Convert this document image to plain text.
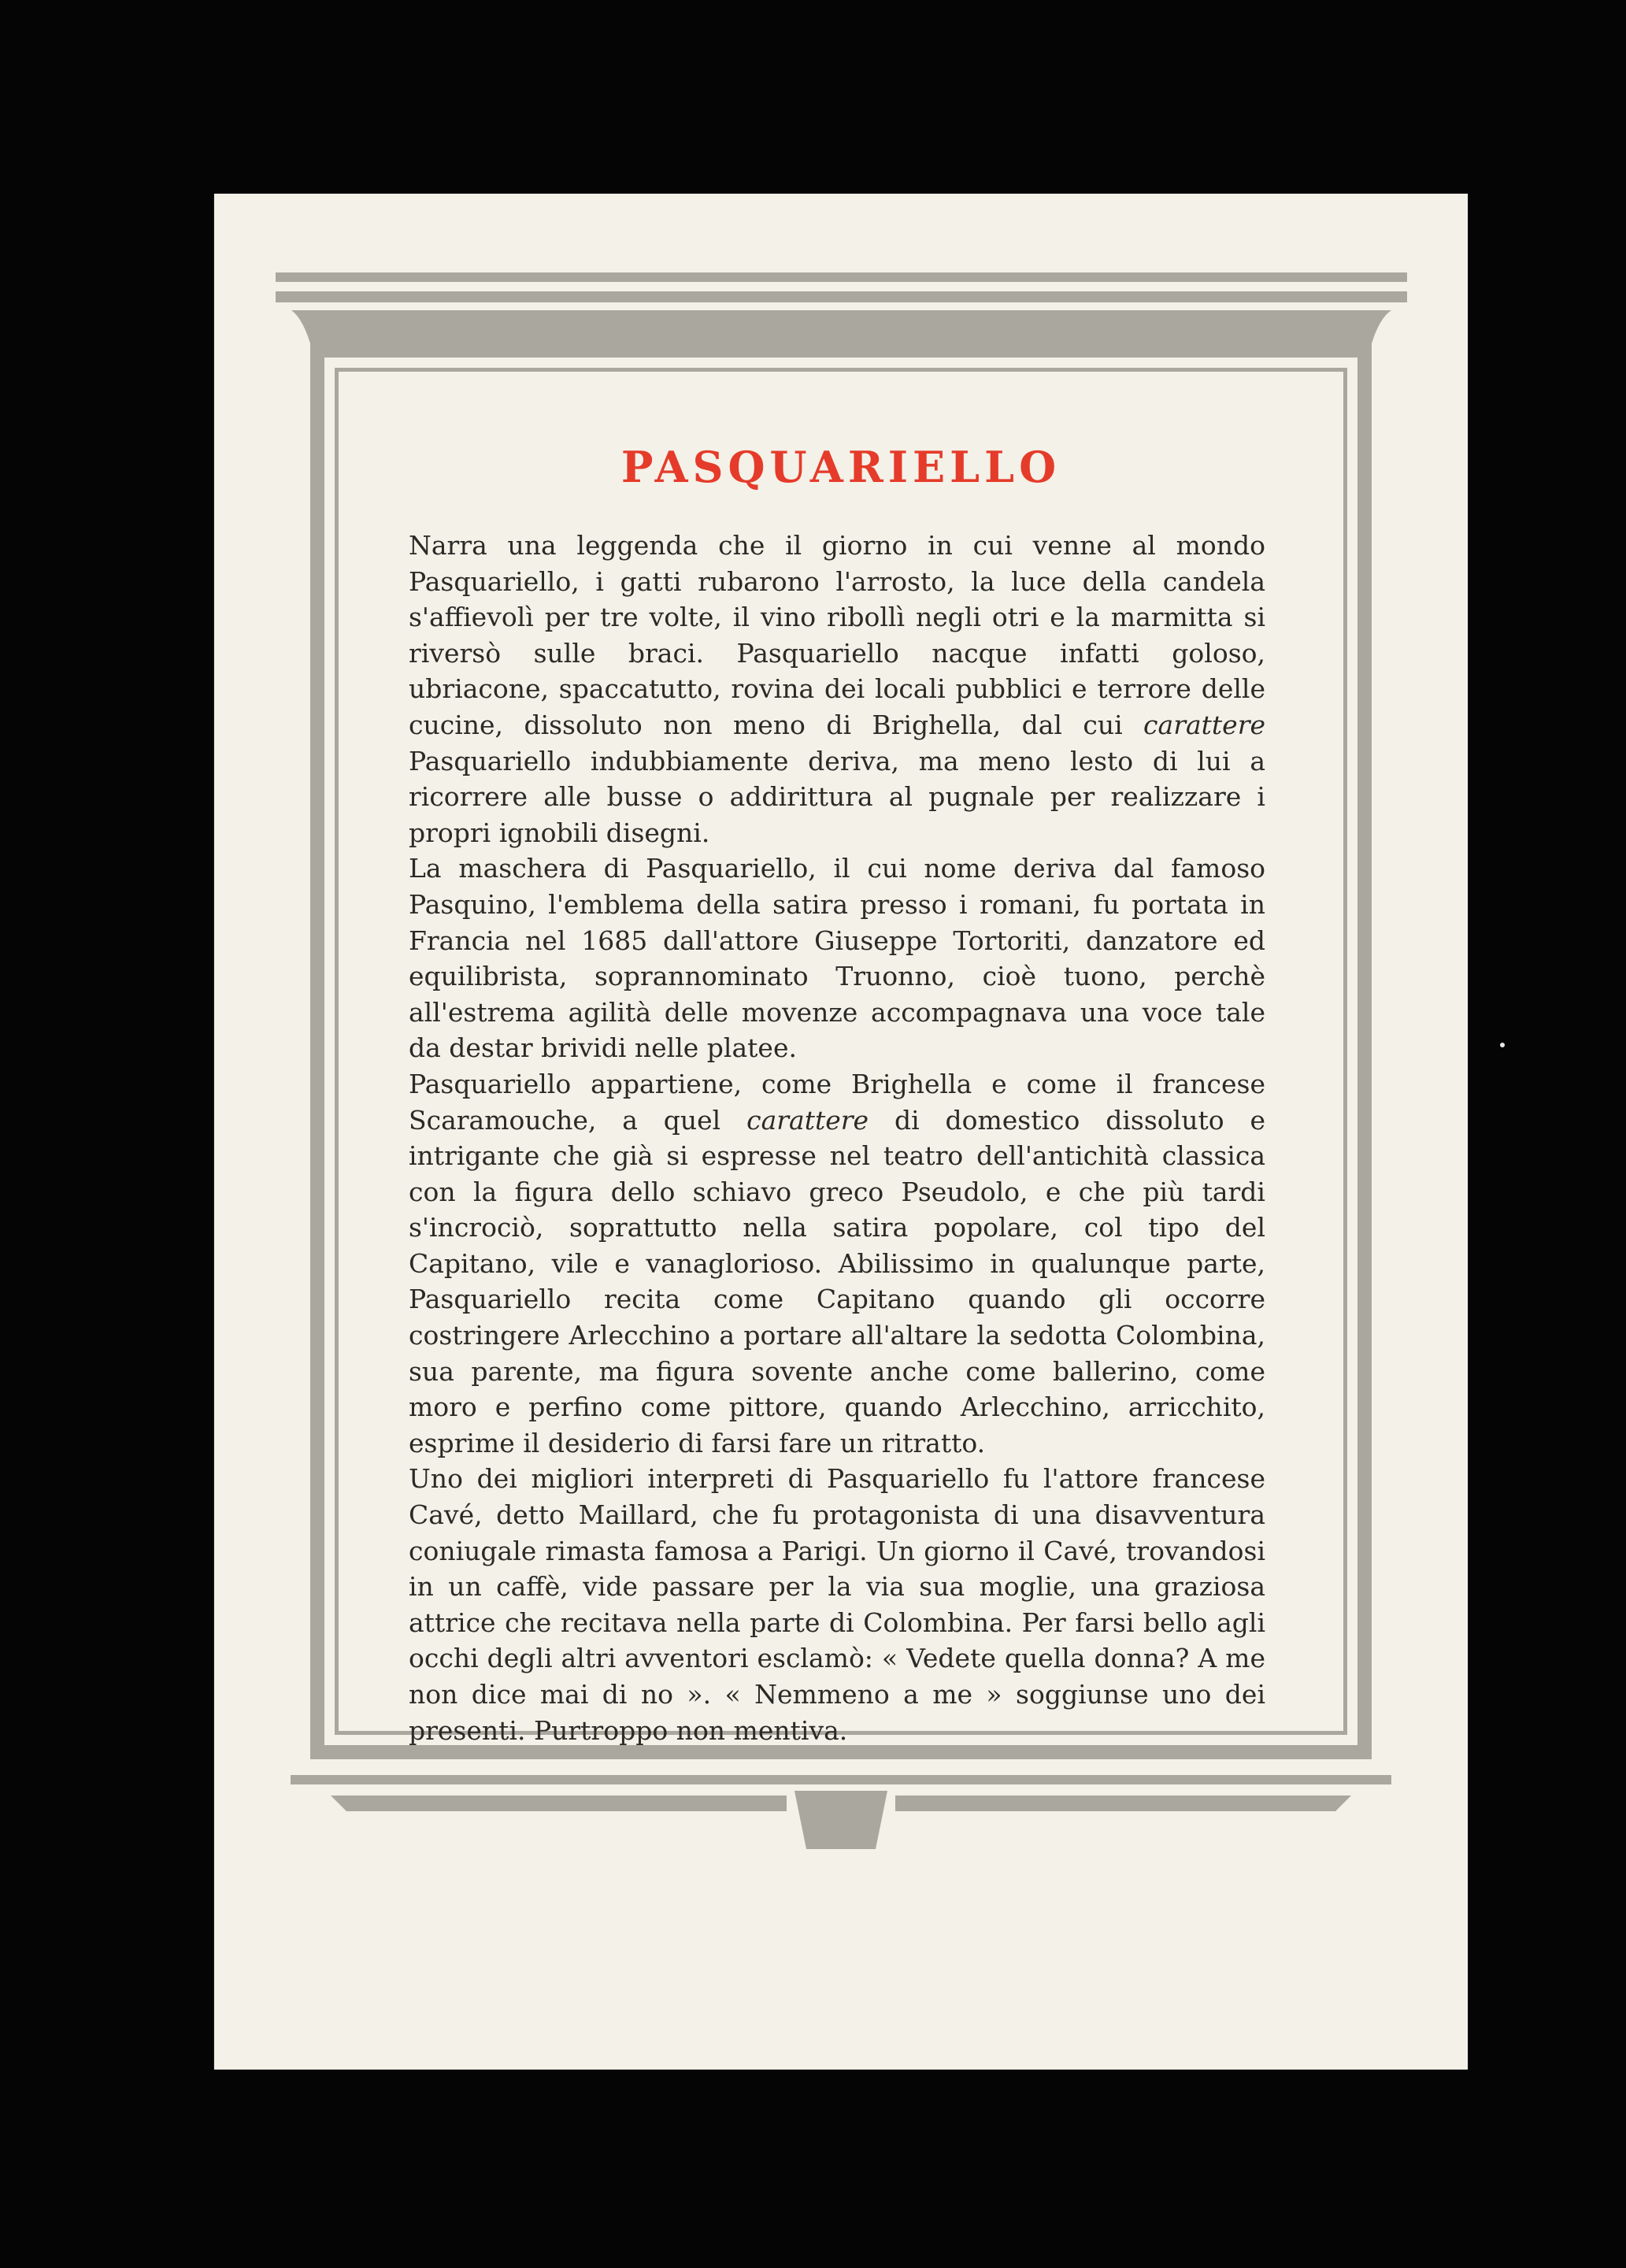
PASQUARIELLO

Narra una leggenda che il giorno in cui venne al mondo Pasquariello, i gatti rubarono l'arrosto, la luce della candela s'affievolì per tre volte, il vino ribollì negli otri e la marmitta si riversò sulle braci. Pasquariello nacque infatti goloso, ubriacone, spaccatutto, rovina dei locali pubblici e terrore delle cucine, dissoluto non meno di Brighella, dal cui carattere Pasquariello indubbiamente deriva, ma meno lesto di lui a ricorrere alle busse o addirittura al pugnale per realizzare i propri ignobili disegni.

La maschera di Pasquariello, il cui nome deriva dal famoso Pasquino, l'emblema della satira presso i romani, fu portata in Francia nel 1685 dall'attore Giuseppe Tortoriti, danzatore ed equilibrista, soprannominato Truonno, cioè tuono, perchè all'estrema agilità delle movenze accompagnava una voce tale da destar brividi nelle platee.

Pasquariello appartiene, come Brighella e come il francese Scaramouche, a quel carattere di domestico dissoluto e intrigante che già si espresse nel teatro dell'antichità classica con la figura dello schiavo greco Pseudolo, e che più tardi s'incrociò, soprattutto nella satira popolare, col tipo del Capitano, vile e vanaglorioso. Abilissimo in qualunque parte, Pasquariello recita come Capitano quando gli occorre costringere Arlecchino a portare all'altare la sedotta Colombina, sua parente, ma figura sovente anche come ballerino, come moro e perfino come pittore, quando Arlecchino, arricchito, esprime il desiderio di farsi fare un ritratto.

Uno dei migliori interpreti di Pasquariello fu l'attore francese Cavé, detto Maillard, che fu protagonista di una disavventura coniugale rimasta famosa a Parigi. Un giorno il Cavé, trovandosi in un caffè, vide passare per la via sua moglie, una graziosa attrice che recitava nella parte di Colombina. Per farsi bello agli occhi degli altri avventori esclamò: « Vedete quella donna? A me non dice mai di no ». « Nemmeno a me » soggiunse uno dei presenti. Purtroppo non mentiva.
